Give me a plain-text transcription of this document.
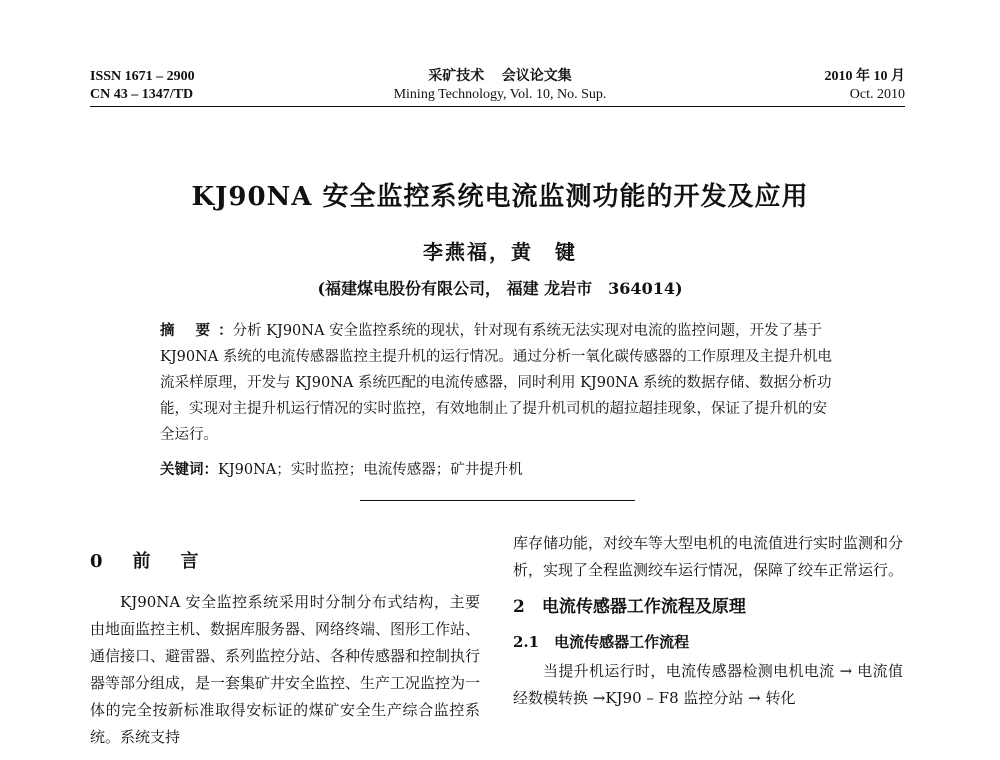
ISSN 1671 – 2900
CN 43 – 1347/TD
采矿技术　 会议论文集
Mining Technology, Vol. 10, No. Sup.
2010 年 10 月
Oct. 2010
KJ90NA 安全监控系统电流监测功能的开发及应用
李燕福，黄　键
(福建煤电股份有限公司， 福建 龙岩市　364014)
摘 要：分析 KJ90NA 安全监控系统的现状，针对现有系统无法实现对电流的监控问题，开发了基于 KJ90NA 系统的电流传感器监控主提升机的运行情况。通过分析一氧化碳传感器的工作原理及主提升机电流采样原理，开发与 KJ90NA 系统匹配的电流传感器，同时利用 KJ90NA 系统的数据存储、数据分析功能，实现对主提升机运行情况的实时监控，有效地制止了提升机司机的超拉超挂现象，保证了提升机的安全运行。
关键词：KJ90NA；实时监控；电流传感器；矿井提升机
0　前　言

KJ90NA 安全监控系统采用时分制分布式结构，主要由地面监控主机、数据库服务器、网络终端、图形工作站、通信接口、避雷器、系列监控分站、各种传感器和控制执行器等部分组成，是一套集矿井安全监控、生产工况监控为一体的完全按新标准取得安标证的煤矿安全生产综合监控系统。系统支持

库存储功能，对绞车等大型电机的电流值进行实时监测和分析，实现了全程监测绞车运行情况，保障了绞车正常运行。

2　电流传感器工作流程及原理
2.1　电流传感器工作流程

当提升机运行时，电流传感器检测电机电流 → 电流值经数模转换 →KJ90 – F8 监控分站 → 转化
